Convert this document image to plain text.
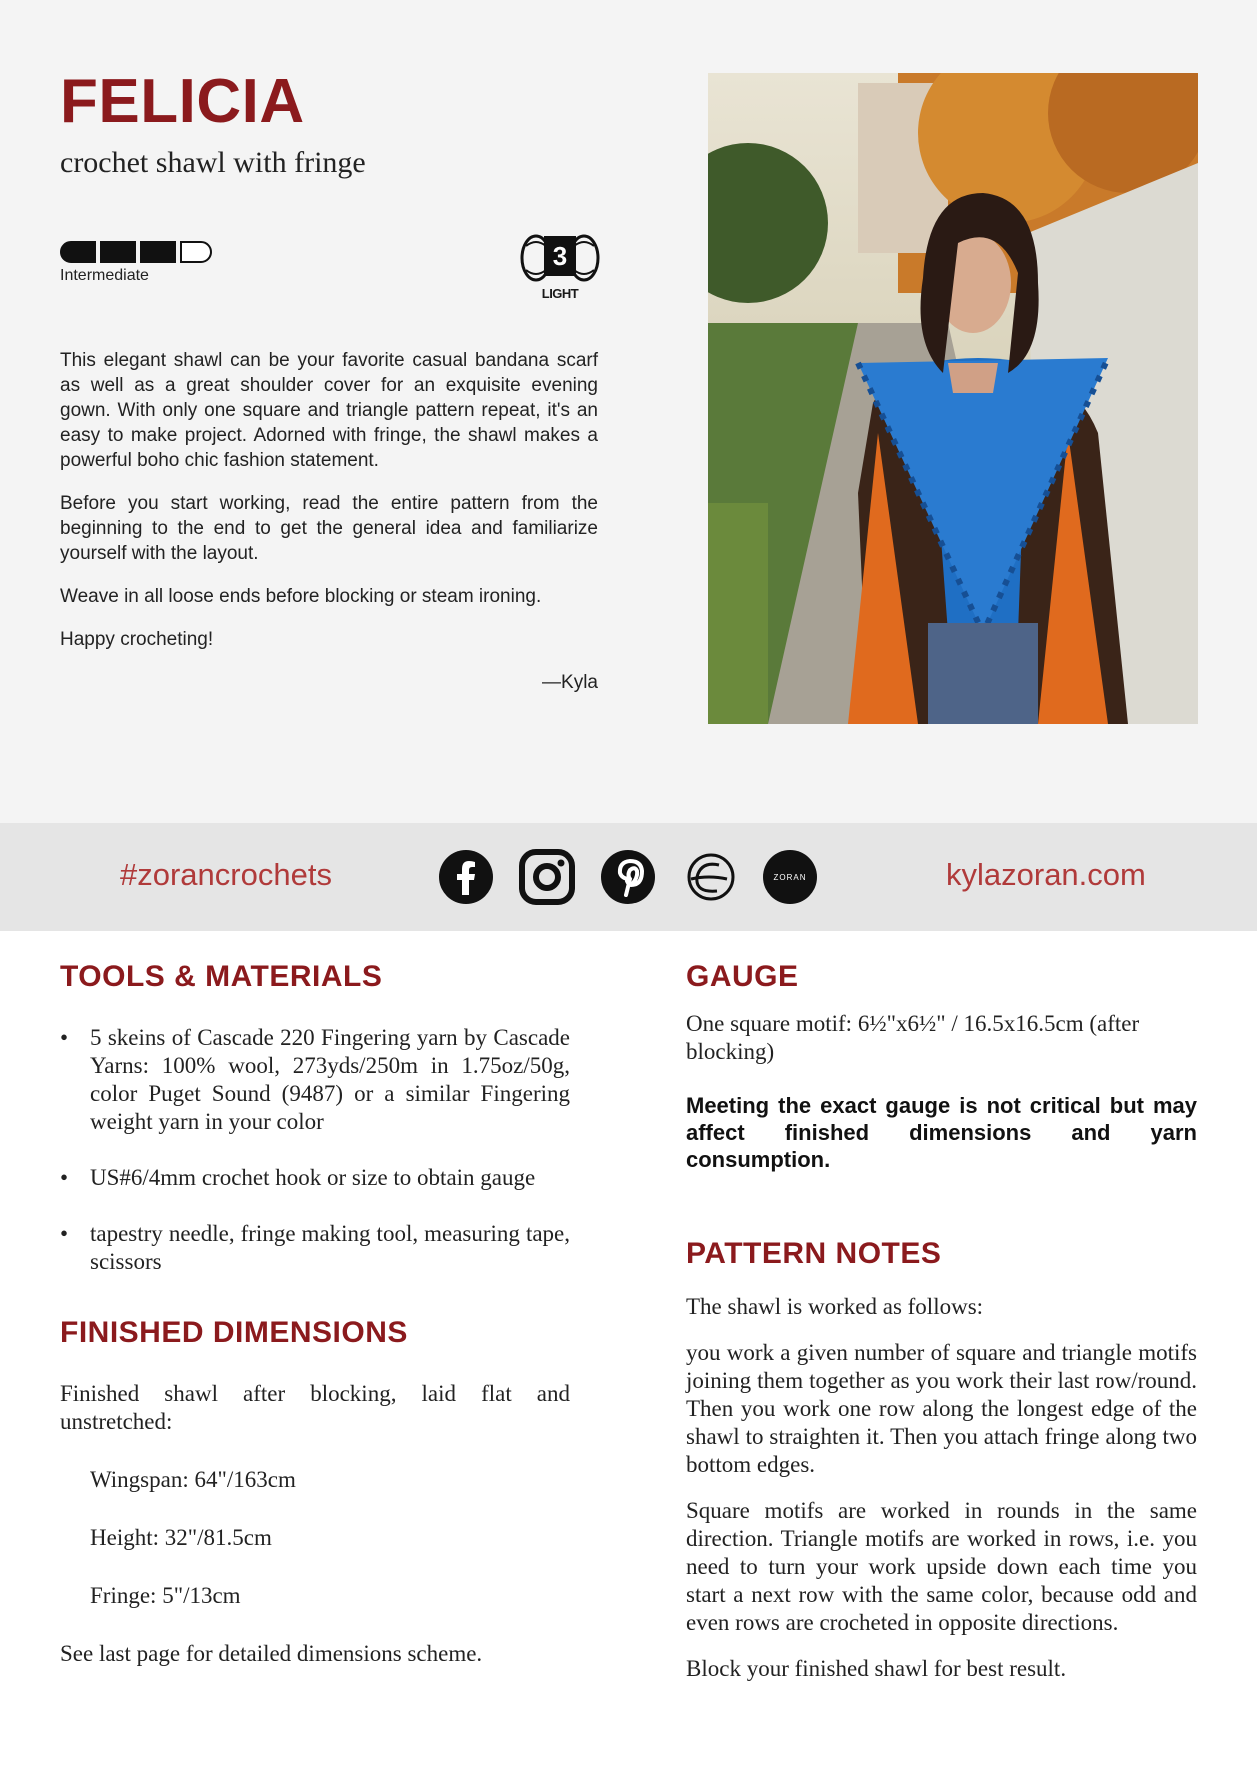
FELICIA
crochet shawl with fringe
Intermediate
3
LIGHT

This elegant shawl can be your favorite casual bandana scarf as well as a great shoulder cover for an exquisite evening gown. With only one square and triangle pattern repeat, it's an easy to make project. Adorned with fringe, the shawl makes a powerful boho chic fashion statement.

Before you start working, read the entire pattern from the beginning to the end to get the general idea and familiarize yourself with the layout.

Weave in all loose ends before blocking or steam ironing.

Happy crocheting!

—Kyla

#zorancrochets	ZORAN	kylazoran.com
TOOLS & MATERIALS
• 5 skeins of Cascade 220 Fingering yarn by Cascade Yarns: 100% wool, 273yds/250m in 1.75oz/50g, color Puget Sound (9487) or a similar Fingering weight yarn in your color
• US#6/4mm crochet hook or size to obtain gauge
• tapestry needle, fringe making tool, measuring tape, scissors
FINISHED DIMENSIONS
Finished shawl after blocking, laid flat and unstretched:
Wingspan: 64"/163cm
Height: 32"/81.5cm
Fringe: 5"/13cm
See last page for detailed dimensions scheme.
GAUGE
One square motif: 6½"x6½" / 16.5x16.5cm (after blocking)
Meeting the exact gauge is not critical but may affect finished dimensions and yarn consumption.
PATTERN NOTES
The shawl is worked as follows:
you work a given number of square and triangle motifs joining them together as you work their last row/round. Then you work one row along the longest edge of the shawl to straighten it. Then you attach fringe along two bottom edges.
Square motifs are worked in rounds in the same direction. Triangle motifs are worked in rows, i.e. you need to turn your work upside down each time you start a next row with the same color, because odd and even rows are crocheted in opposite directions.
Block your finished shawl for best result.
